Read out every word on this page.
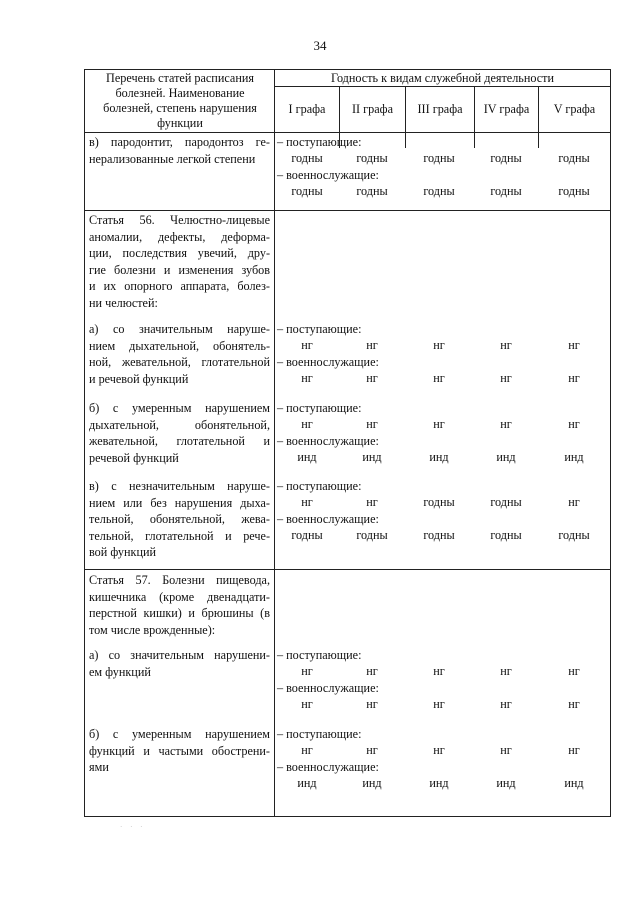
34
Перечень статей расписания
болезней. Наименование
болезней, степень нарушения
функции
Годность к видам служебной деятельности
I графа	II графа	III графа	IV графа	V графа
в) пародонтит, пародонтоз ге-
нерализованные легкой степени
– поступающие:
годны	годны	годны	годны	годны
– военнослужащие:
годны	годны	годны	годны	годны
Статья 56. Челюстно-лицевые
аномалии, дефекты, деформа-
ции, последствия увечий, дру-
гие болезни и изменения зубов
и их опорного аппарата, болез-
ни челюстей:
а) со значительным наруше-
нием дыхательной, обонятель-
ной, жевательной, глотательной
и речевой функций
– поступающие:
нг	нг	нг	нг	нг
– военнослужащие:
нг	нг	нг	нг	нг
б) с умеренным нарушением
дыхательной, обонятельной,
жевательной, глотательной и
речевой функций
– поступающие:
нг	нг	нг	нг	нг
– военнослужащие:
инд	инд	инд	инд	инд
в) с незначительным наруше-
нием или без нарушения дыха-
тельной, обонятельной, жева-
тельной, глотательной и рече-
вой функций
– поступающие:
нг	нг	годны	годны	нг
– военнослужащие:
годны	годны	годны	годны	годны
Статья 57. Болезни пищевода,
кишечника (кроме двенадцати-
перстной кишки) и брюшины (в
том числе врожденные):
а) со значительным нарушени-
ем функций
– поступающие:
нг	нг	нг	нг	нг
– военнослужащие:
нг	нг	нг	нг	нг
б) с умеренным нарушением
функций и частыми обострени-
ями
– поступающие:
нг	нг	нг	нг	нг
– военнослужащие:
инд	инд	инд	инд	инд
· · ·
